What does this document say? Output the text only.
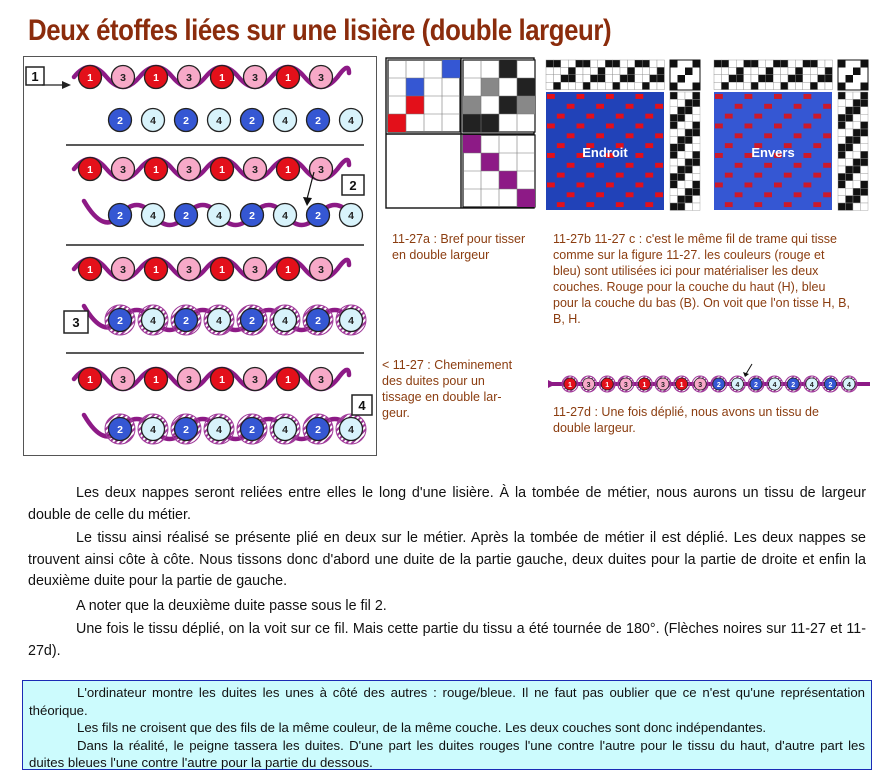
Deux étoffes liées sur une lisière (double largeur)
1	1	3	1	3	1	3	1	3
2	4	2	4	2	4	2	4
1	3	1	3	1	3	1	3
2	4	2	4	2	4	2	4
2
1	3	1	3	1	3	1	3
2	4	2	4	2	4	2	4
3
1	3	1	3	1	3	1	3
2	4	2	4	2	4	2	4
4
Endroit	Envers
11-27a : Bref pour tisser
en double largeur
11-27b 11-27 c : c'est le même fil de trame qui tisse
comme sur la figure 11-27. les couleurs (rouge et
bleu) sont utilisées ici pour matérialiser les deux
couches. Rouge pour la couche du haut (H), bleu
pour la couche du bas (B). On voit que l'on tisse H, B,
B, H.
< 11-27 : Cheminement
des duites pour un
tissage en double lar-
geur.
1 3 1 3 1 3 1 3 2 4 2 4 2 4 2 4
11-27d : Une fois déplié, nous avons un tissu de
double largeur.
Les deux nappes seront reliées entre elles le long d'une lisière. À la tombée de métier, nous aurons un tissu de largeur double de celle du métier.
Le tissu ainsi réalisé se présente plié en deux sur le métier. Après la tombée de métier il est déplié. Les deux nappes se trouvent ainsi côte à côte. Nous tissons donc d'abord une duite de la partie gauche, deux duites pour la partie de droite et enfin la deuxième duite pour la partie de gauche.
A noter que la deuxième duite passe sous le fil 2.
Une fois le tissu déplié, on la voit sur ce fil. Mais cette partie du tissu a été tournée de 180°. (Flèches noires sur 11-27 et 11-27d).

L'ordinateur montre les duites les unes à côté des autres : rouge/bleue. Il ne faut pas oublier que ce n'est qu'une représentation théorique.

Les fils ne croisent que des fils de la même couleur, de la même couche. Les deux couches sont donc indépendantes.

Dans la réalité, le peigne tassera les duites. D'une part les duites rouges l'une contre l'autre pour le tissu du haut, d'autre part les duites bleues l'une contre l'autre pour la partie du dessous.
